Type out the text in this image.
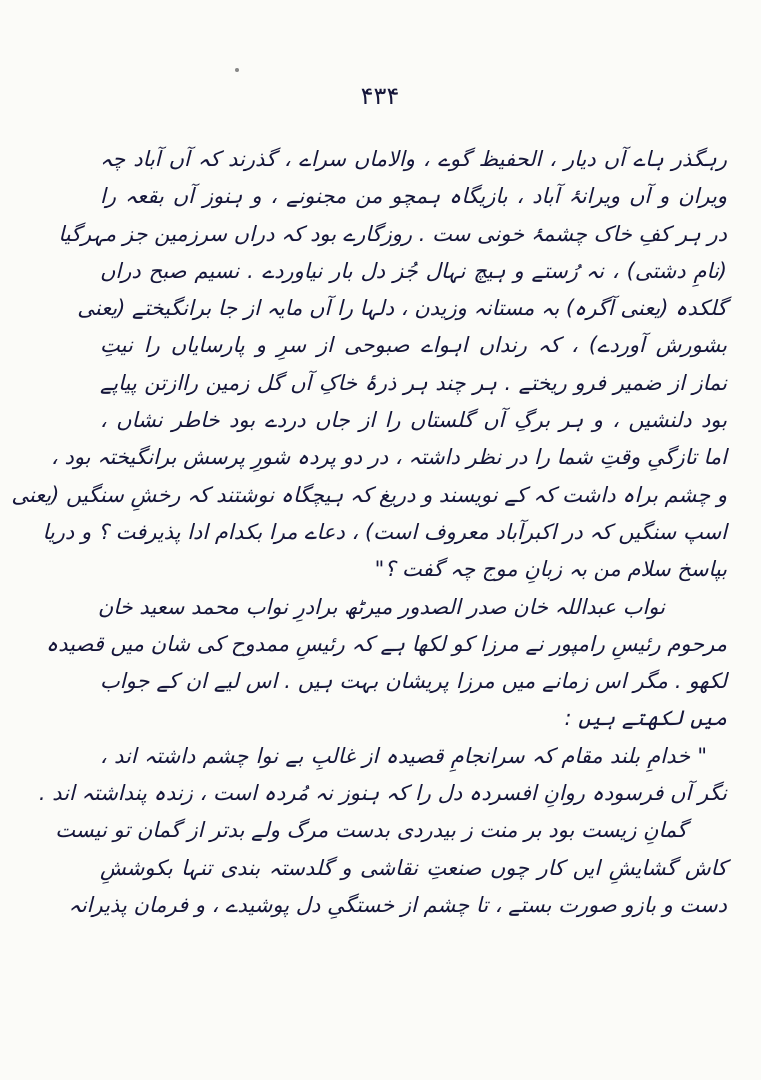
۴۳۴
رہگذر ہاے آں دیار ، الحفیظ گوے ، والاماں سراے ، گذرند کہ آں آباد چہ
ویران و آں ویرانۂ آباد ، بازیگاہ ہمچو من مجنونے ، و ہنوز آں بقعہ را
در ہر کفِ خاک چشمۂ خونی ست . روزگارے بود کہ دراں سرزمین جز مہرگیا
(نامِ دشتی) ، نہ رُستے و ہیچ نہال جُز دل بار نیاوردے . نسیم صبح دراں
گلکدہ (یعنی آگرہ) بہ مستانہ وزیدن ، دلہا را آں مایہ از جا برانگیختے (یعنی
بشورش آوردے) ، کہ رنداں اہواے صبوحی از سرِ و پارسایاں را نیتِ
نماز از ضمیر فرو ریختے . ہر چند ہر ذرۂ خاکِ آں گل زمین راازتن پیاپے
بود دلنشیں ، و ہر برگِ آں گلستاں را از جاں دردے بود خاطر نشاں ،
اما تازگیِ وقتِ شما را در نظر داشتہ ، در دو پردہ شورِ پرسش برانگیختہ بود ،
و چشم براہ داشت کہ کے نویسند و دریغ کہ ہیچگاہ نوشتند کہ رخشِ سنگیں (یعنی
اسپ سنگیں کہ در اکبرآباد معروف است) ، دعاے مرا بکدام ادا پذیرفت ؟ و دریا
بپاسخ سلام من بہ زبانِ موج چہ گفت ؟"
نواب عبداللہ خان صدر الصدور میرٹھ برادرِ نواب محمد سعید خان
مرحوم رئیسِ رامپور نے مرزا کو لکھا ہے کہ رئیسِ ممدوح کی شان میں قصیدہ
لکھو . مگر اس زمانے میں مرزا پریشان بہت ہیں . اس لیے ان کے جواب
میں لکھتے ہیں :
" خدامِ بلند مقام کہ سرانجامِ قصیدہ از غالبِ بے نوا چشم داشتہ اند ،
نگر آں فرسودہ روانِ افسردہ دل را کہ ہنوز نہ مُردہ است ، زندہ پنداشتہ اند .
گمانِ زیست بود بر منت ز بیدردی بدست مرگ ولے بدتر از گمان تو نیست
کاش گشایشِ ایں کار چوں صنعتِ نقاشی و گلدستہ بندی تنہا بکوششِ
دست و بازو صورت بستے ، تا چشم از خستگیِ دل پوشیدے ، و فرمان پذیرانہ
